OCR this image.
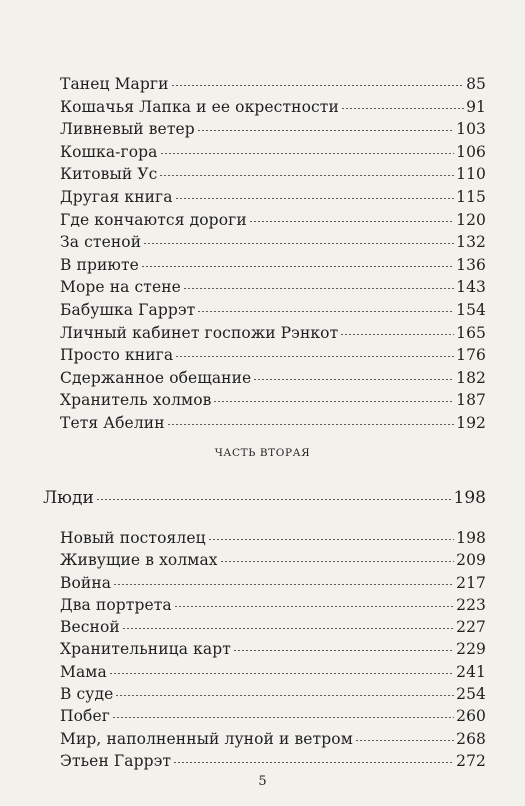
Танец Марги	85
Кошачья Лапка и ее окрестности	91
Ливневый ветер	103
Кошка-гора	106
Китовый Ус	110
Другая книга	115
Где кончаются дороги	120
За стеной	132
В приюте	136
Море на стене	143
Бабушка Гаррэт	154
Личный кабинет госпожи Рэнкот	165
Просто книга	176
Сдержанное обещание	182
Хранитель холмов	187
Тетя Абелин	192
ЧАСТЬ ВТОРАЯ
Люди	198
Новый постоялец	198
Живущие в холмах	209
Война	217
Два портрета	223
Весной	227
Хранительница карт	229
Мама	241
В суде	254
Побег	260
Мир, наполненный луной и ветром	268
Этьен Гаррэт	272
5
